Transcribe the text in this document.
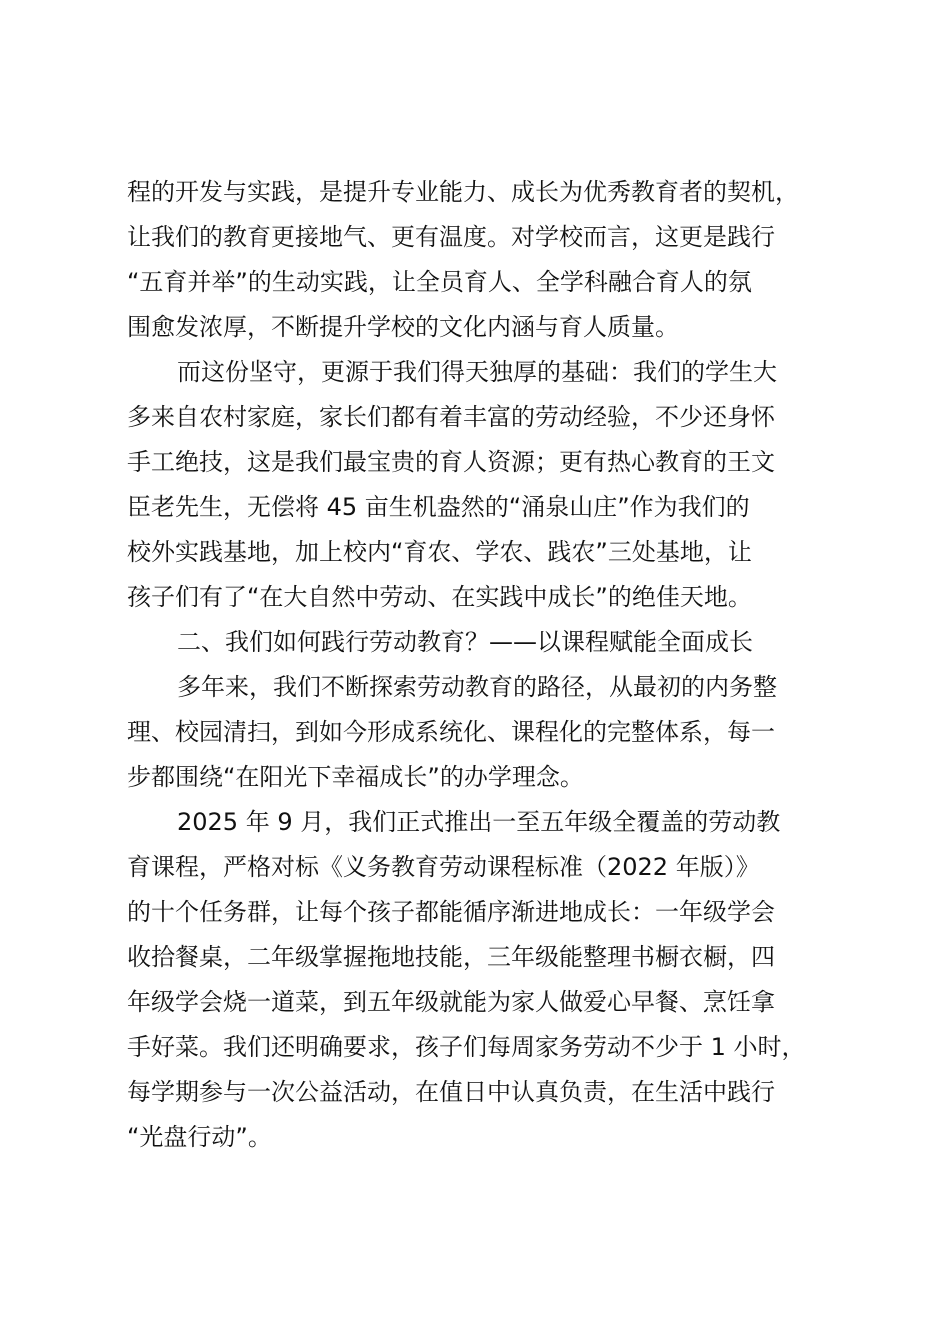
程的开发与实践，是提升专业能力、成长为优秀教育者的契机，
让我们的教育更接地气、更有温度。对学校而言，这更是践行
“五育并举”的生动实践，让全员育人、全学科融合育人的氛
围愈发浓厚，不断提升学校的文化内涵与育人质量。
而这份坚守，更源于我们得天独厚的基础：我们的学生大
多来自农村家庭，家长们都有着丰富的劳动经验，不少还身怀
手工绝技，这是我们最宝贵的育人资源；更有热心教育的王文
臣老先生，无偿将 45 亩生机盎然的“涌泉山庄”作为我们的
校外实践基地，加上校内“育农、学农、践农”三处基地，让
孩子们有了“在大自然中劳动、在实践中成长”的绝佳天地。
二、我们如何践行劳动教育？——以课程赋能全面成长
多年来，我们不断探索劳动教育的路径，从最初的内务整
理、校园清扫，到如今形成系统化、课程化的完整体系，每一
步都围绕“在阳光下幸福成长”的办学理念。
2025 年 9 月，我们正式推出一至五年级全覆盖的劳动教
育课程，严格对标《义务教育劳动课程标准（2022 年版）》
的十个任务群，让每个孩子都能循序渐进地成长：一年级学会
收拾餐桌，二年级掌握拖地技能，三年级能整理书橱衣橱，四
年级学会烧一道菜，到五年级就能为家人做爱心早餐、烹饪拿
手好菜。我们还明确要求，孩子们每周家务劳动不少于 1 小时，
每学期参与一次公益活动，在值日中认真负责，在生活中践行
“光盘行动”。
